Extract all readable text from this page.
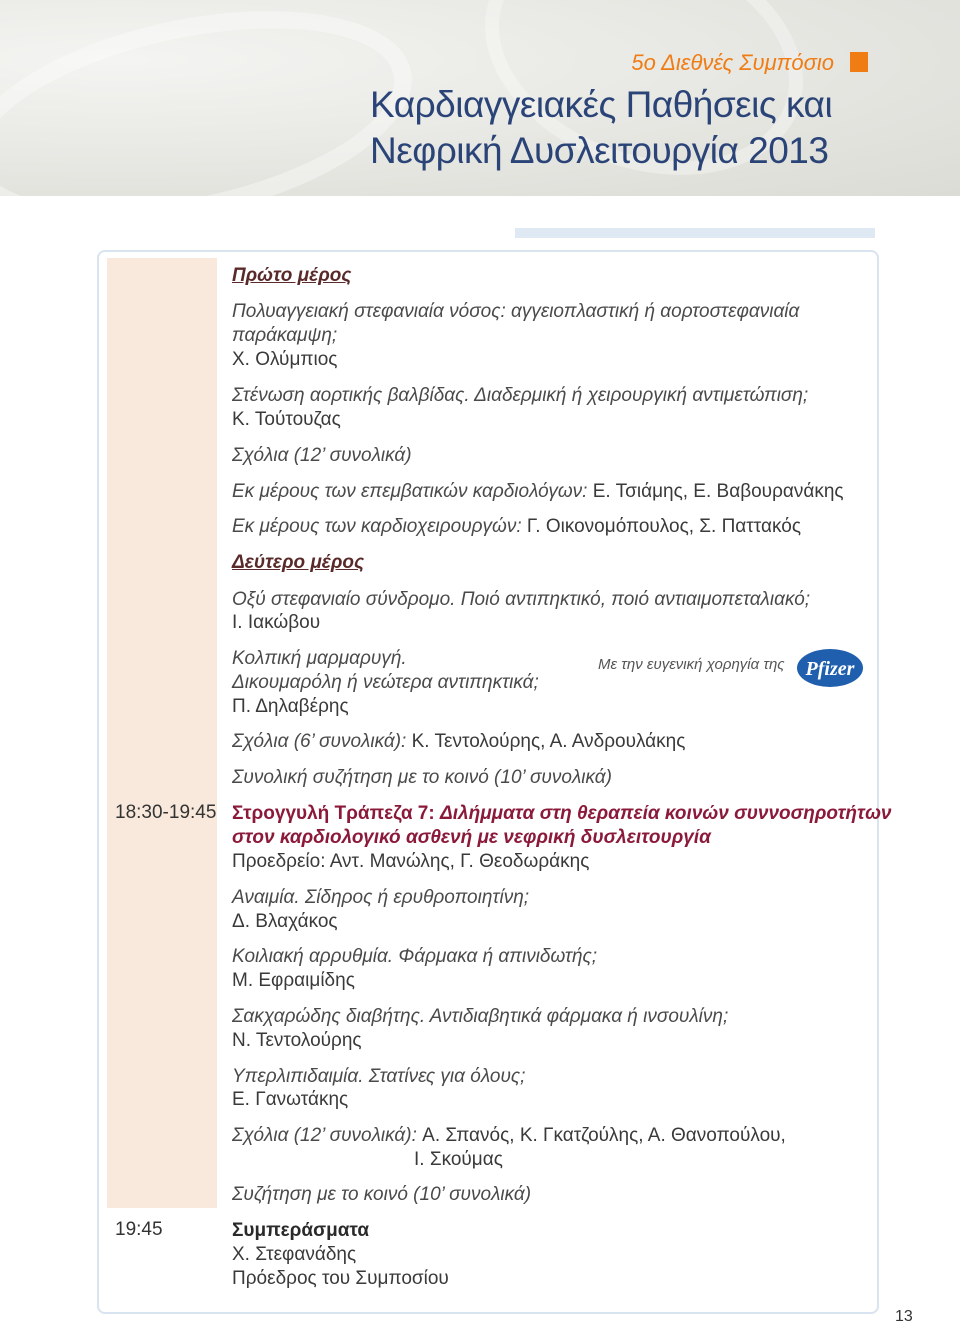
5ο Διεθνές Συμπόσιο
Καρδιαγγειακές Παθήσεις και
Νεφρική Δυσλειτουργία 2013
Πρώτο μέρος
Πολυαγγειακή στεφανιαία νόσος: αγγειοπλαστική ή αορτοστεφανιαία
παράκαμψη;
Χ. Ολύμπιος
Στένωση αορτικής βαλβίδας. Διαδερμική ή χειρουργική αντιμετώπιση;
Κ. Τούτουζας
Σχόλια (12’ συνολικά)
Εκ μέρους των επεμβατικών καρδιολόγων: Ε. Τσιάμης, Ε. Βαβουρανάκης
Εκ μέρους των καρδιοχειρουργών: Γ. Οικονομόπουλος, Σ. Παττακός
Δεύτερο μέρος
Οξύ στεφανιαίο σύνδρομο. Ποιό αντιπηκτικό, ποιό αντιαιμοπεταλιακό;
Ι. Ιακώβου
Κολπική μαρμαρυγή.
Δικουμαρόλη ή νεώτερα αντιπηκτικά;
Π. Δηλαβέρης
Σχόλια (6’ συνολικά): Κ. Τεντολούρης, Α. Ανδρουλάκης
Συνολική συζήτηση με το κοινό (10’ συνολικά)
Με την ευγενική χορηγία της Pfizer
18:30-19:45 Στρογγυλή Τράπεζα 7: Διλήμματα στη θεραπεία κοινών συννοσηροτήτων
στον καρδιολογικό ασθενή με νεφρική δυσλειτουργία
Προεδρείο: Αντ. Μανώλης, Γ. Θεοδωράκης
Αναιμία. Σίδηρος ή ερυθροποιητίνη;
Δ. Βλαχάκος
Κοιλιακή αρρυθμία. Φάρμακα ή απινιδωτής;
Μ. Εφραιμίδης
Σακχαρώδης διαβήτης. Αντιδιαβητικά φάρμακα ή ινσουλίνη;
Ν. Τεντολούρης
Υπερλιπιδαιμία. Στατίνες για όλους;
Ε. Γανωτάκης
Σχόλια (12’ συνολικά): Α. Σπανός, Κ. Γκατζούλης, Α. Θανοπούλου,
Ι. Σκούμας
Συζήτηση με το κοινό (10’ συνολικά)
19:45	Συμπεράσματα
Χ. Στεφανάδης
Πρόεδρος του Συμποσίου
13
